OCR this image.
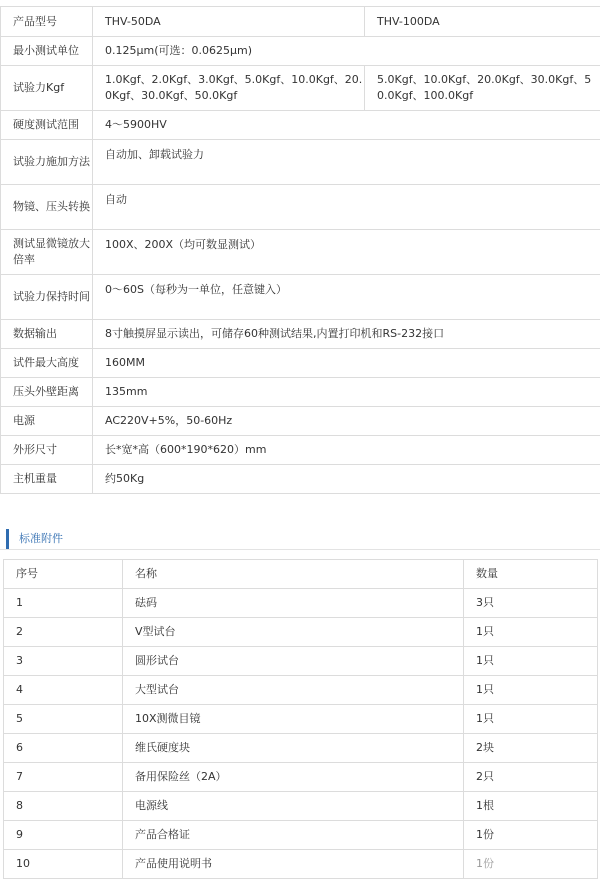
产品型号	THV-50DA	THV-100DA
最小测试单位	0.125μm(可选：0.0625μm)	
试验力Kgf	1.0Kgf、2.0Kgf、3.0Kgf、5.0Kgf、10.0Kgf、20.0Kgf、30.0Kgf、50.0Kgf	5.0Kgf、10.0Kgf、20.0Kgf、30.0Kgf、50.0Kgf、100.0Kgf
硬度测试范围	4～5900HV	
试验力施加方法	自动加、卸载试验力	
物镜、压头转换	自动	
测试显微镜放大倍率	100X、200X（均可数显测试）	
试验力保持时间	0～60S（每秒为一单位，任意键入）	
数据输出	8寸触摸屏显示读出，可储存60种测试结果,内置打印机和RS-232接口	
试件最大高度	160MM	
压头外壁距离	135mm	
电源	AC220V+5%，50-60Hz	
外形尺寸	长*宽*高（600*190*620）mm	
主机重量	约50Kg	
标准附件
序号	名称	数量
1	砝码	3只
2	V型试台	1只
3	圆形试台	1只
4	大型试台	1只
5	10X测微目镜	1只
6	维氏硬度块	2块
7	备用保险丝（2A）	2只
8	电源线	1根
9	产品合格证	1份
10	产品使用说明书	1份
